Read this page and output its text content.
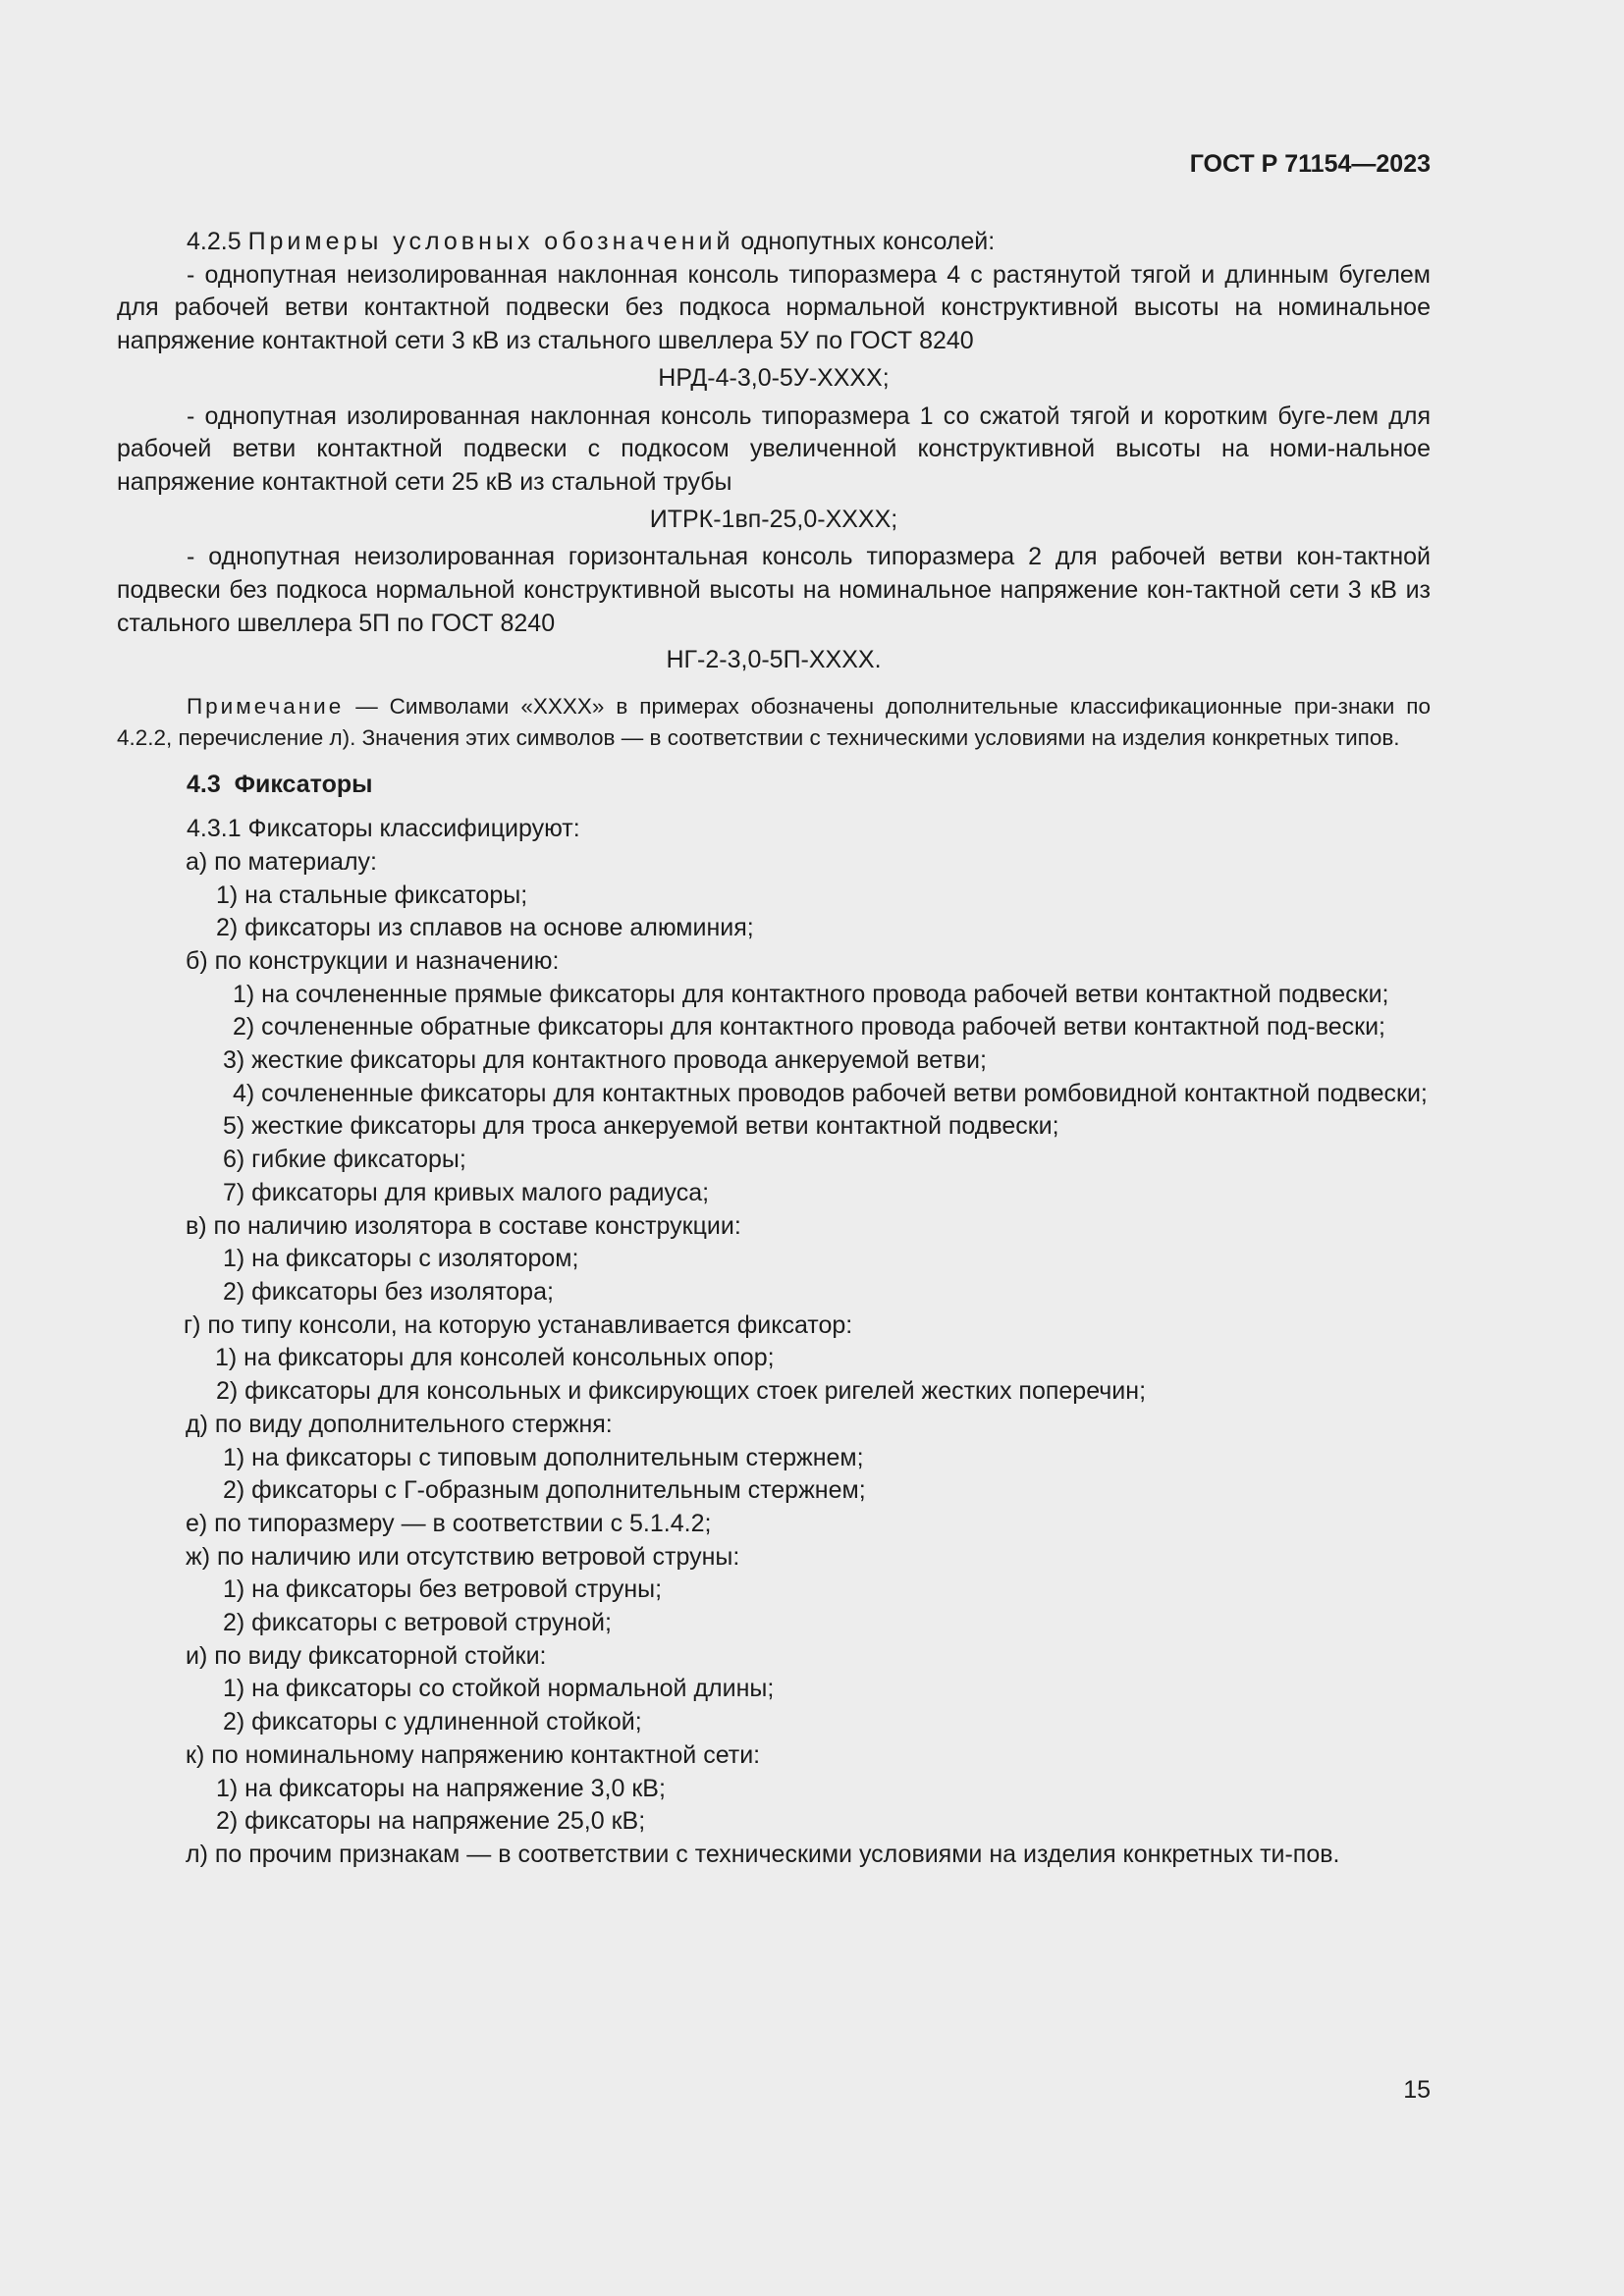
ГОСТ Р 71154—2023

4.2.5 Примеры условных обозначений однопутных консолей:

- однопутная неизолированная наклонная консоль типоразмера 4 с растянутой тягой и длинным бугелем для рабочей ветви контактной подвески без подкоса нормальной конструктивной высоты на номинальное напряжение контактной сети 3 кВ из стального швеллера 5У по ГОСТ 8240

НРД-4-3,0-5У-ХХХХ;

- однопутная изолированная наклонная консоль типоразмера 1 со сжатой тягой и коротким буге-лем для рабочей ветви контактной подвески с подкосом увеличенной конструктивной высоты на номи-нальное напряжение контактной сети 25 кВ из стальной трубы

ИТРК-1вп-25,0-ХХХХ;

- однопутная неизолированная горизонтальная консоль типоразмера 2 для рабочей ветви кон-тактной подвески без подкоса нормальной конструктивной высоты на номинальное напряжение кон-тактной сети 3 кВ из стального швеллера 5П по ГОСТ 8240

НГ-2-3,0-5П-ХХХХ.

Примечание — Символами «ХХХХ» в примерах обозначены дополнительные классификационные при-знаки по 4.2.2, перечисление л). Значения этих символов — в соответствии с техническими условиями на изделия конкретных типов.

4.3 Фиксаторы

4.3.1 Фиксаторы классифицируют:

а) по материалу:

1) на стальные фиксаторы;

2) фиксаторы из сплавов на основе алюминия;

б) по конструкции и назначению:

1) на сочлененные прямые фиксаторы для контактного провода рабочей ветви контактной подвески;

2) сочлененные обратные фиксаторы для контактного провода рабочей ветви контактной под-вески;

3) жесткие фиксаторы для контактного провода анкеруемой ветви;

4) сочлененные фиксаторы для контактных проводов рабочей ветви ромбовидной контактной подвески;

5) жесткие фиксаторы для троса анкеруемой ветви контактной подвески;

6) гибкие фиксаторы;

7) фиксаторы для кривых малого радиуса;

в) по наличию изолятора в составе конструкции:

1) на фиксаторы с изолятором;

2) фиксаторы без изолятора;

г) по типу консоли, на которую устанавливается фиксатор:

1) на фиксаторы для консолей консольных опор;

2) фиксаторы для консольных и фиксирующих стоек ригелей жестких поперечин;

д) по виду дополнительного стержня:

1) на фиксаторы с типовым дополнительным стержнем;

2) фиксаторы с Г-образным дополнительным стержнем;

е) по типоразмеру — в соответствии с 5.1.4.2;

ж) по наличию или отсутствию ветровой струны:

1) на фиксаторы без ветровой струны;

2) фиксаторы с ветровой струной;

и) по виду фиксаторной стойки:

1) на фиксаторы со стойкой нормальной длины;

2) фиксаторы с удлиненной стойкой;

к) по номинальному напряжению контактной сети:

1) на фиксаторы на напряжение 3,0 кВ;

2) фиксаторы на напряжение 25,0 кВ;

л) по прочим признакам — в соответствии с техническими условиями на изделия конкретных ти-пов.

15
